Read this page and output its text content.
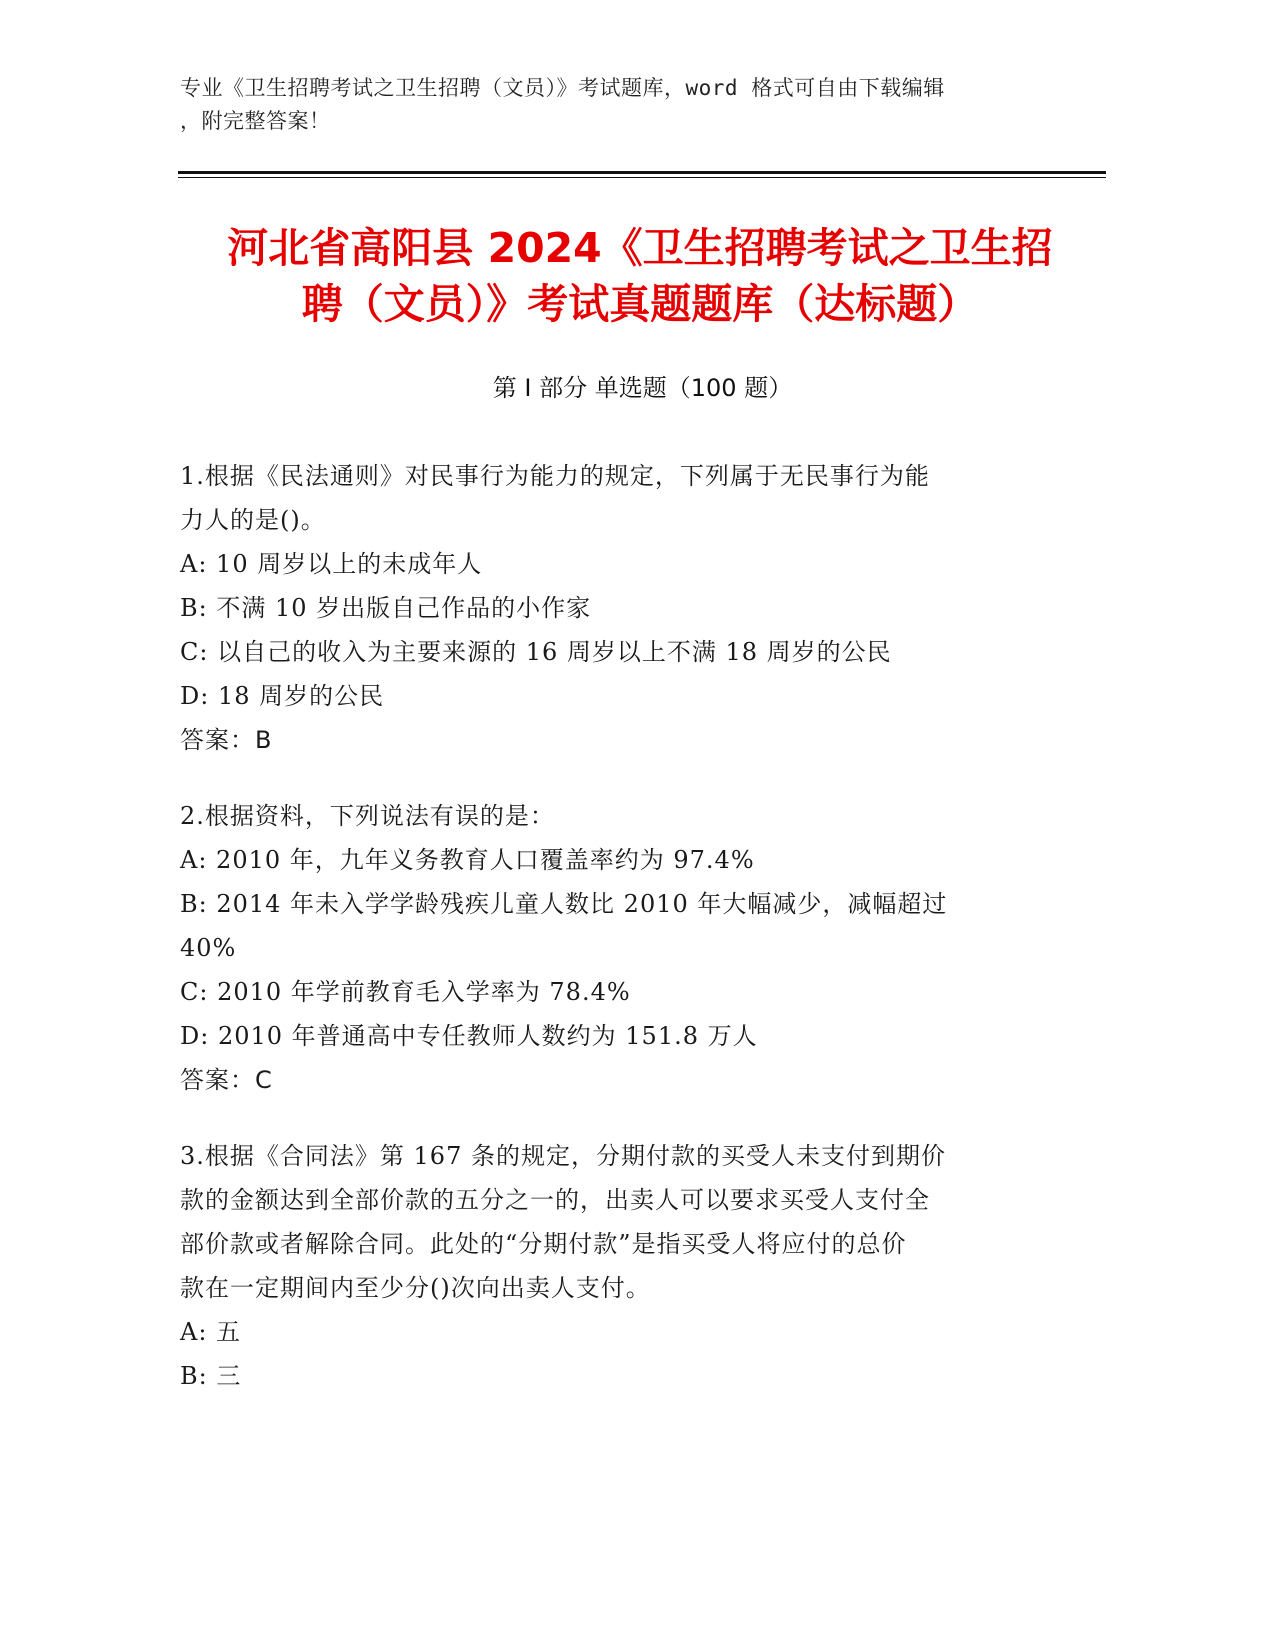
专业《卫生招聘考试之卫生招聘（文员）》考试题库，word 格式可自由下载编辑
，附完整答案！
河北省高阳县 2024《卫生招聘考试之卫生招
聘（文员）》考试真题题库（达标题）
第 I 部分 单选题（100 题）
1.根据《民法通则》对民事行为能力的规定，下列属于无民事行为能
力人的是()。
A: 10 周岁以上的未成年人
B: 不满 10 岁出版自己作品的小作家
C: 以自己的收入为主要来源的 16 周岁以上不满 18 周岁的公民
D: 18 周岁的公民
答案：B
2.根据资料，下列说法有误的是：
A: 2010 年，九年义务教育人口覆盖率约为 97.4%
B: 2014 年未入学学龄残疾儿童人数比 2010 年大幅减少，减幅超过
40%
C: 2010 年学前教育毛入学率为 78.4%
D: 2010 年普通高中专任教师人数约为 151.8 万人
答案：C
3.根据《合同法》第 167 条的规定，分期付款的买受人未支付到期价
款的金额达到全部价款的五分之一的，出卖人可以要求买受人支付全
部价款或者解除合同。此处的“分期付款”是指买受人将应付的总价
款在一定期间内至少分()次向出卖人支付。
A: 五
B: 三
